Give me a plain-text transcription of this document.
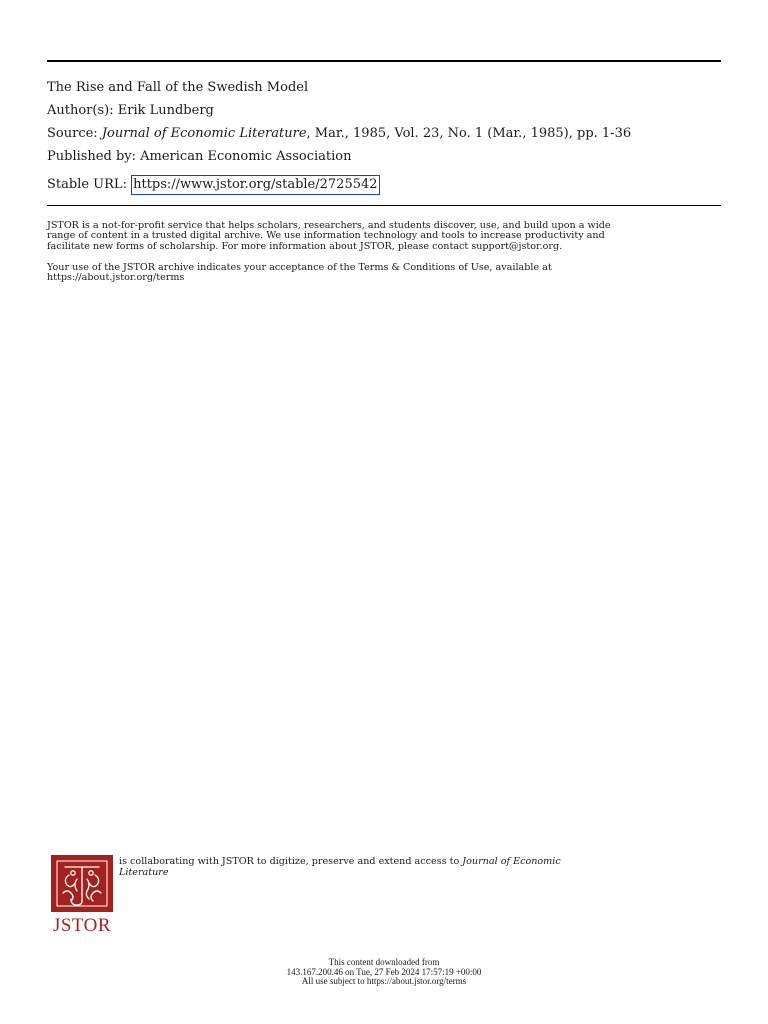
The Rise and Fall of the Swedish Model
Author(s): Erik Lundberg
Source: Journal of Economic Literature, Mar., 1985, Vol. 23, No. 1 (Mar., 1985), pp. 1-36
Published by: American Economic Association
Stable URL: https://www.jstor.org/stable/2725542
JSTOR is a not-for-profit service that helps scholars, researchers, and students discover, use, and build upon a wide
range of content in a trusted digital archive. We use information technology and tools to increase productivity and
facilitate new forms of scholarship. For more information about JSTOR, please contact support@jstor.org.
Your use of the JSTOR archive indicates your acceptance of the Terms & Conditions of Use, available at
https://about.jstor.org/terms
JSTOR
is collaborating with JSTOR to digitize, preserve and extend access to Journal of Economic
Literature
This content downloaded from
143.167.200.46 on Tue, 27 Feb 2024 17:57:19 +00:00
All use subject to https://about.jstor.org/terms
